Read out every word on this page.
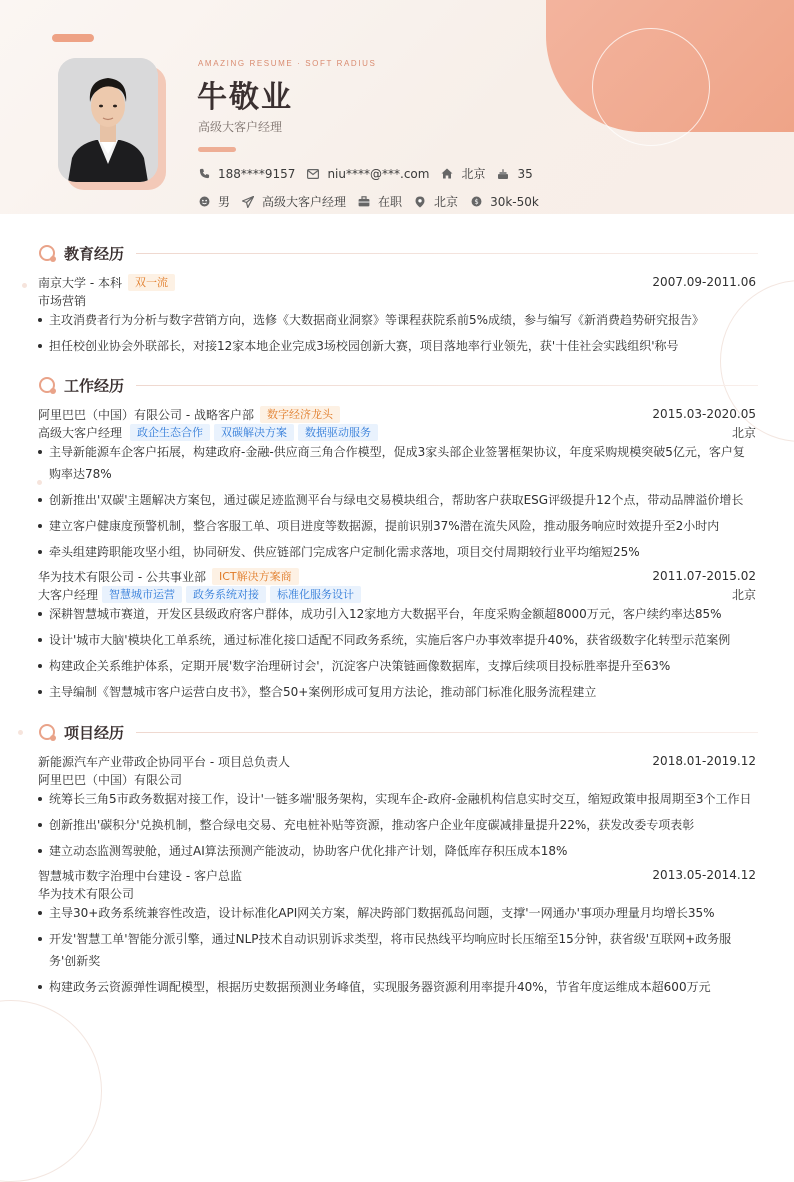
AMAZING RESUME · SOFT RADIUS
牛敬业
高级大客户经理
188****9157	niu****@***.com	北京	35
男	高级大客户经理	在职	北京 $ 30k-50k
教育经历
南京大学 - 本科	双一流	2007.09-2011.06
市场营销
主攻消费者行为分析与数字营销方向，选修《大数据商业洞察》等课程获院系前5%成绩，参与编写《新消费趋势研究报告》
担任校创业协会外联部长，对接12家本地企业完成3场校园创新大赛，项目落地率行业领先，获'十佳社会实践组织'称号
工作经历
阿里巴巴（中国）有限公司 - 战略客户部	数字经济龙头	2015.03-2020.05
高级大客户经理	政企生态合作	双碳解决方案	数据驱动服务	北京
主导新能源车企客户拓展，构建政府-金融-供应商三角合作模型，促成3家头部企业签署框架协议，年度采购规模突破5亿元，客户复购率达78%
创新推出'双碳'主题解决方案包，通过碳足迹监测平台与绿电交易模块组合，帮助客户获取ESG评级提升12个点，带动品牌溢价增长
建立客户健康度预警机制，整合客服工单、项目进度等数据源，提前识别37%潜在流失风险，推动服务响应时效提升至2小时内
牵头组建跨职能攻坚小组，协同研发、供应链部门完成客户定制化需求落地，项目交付周期较行业平均缩短25%
华为技术有限公司 - 公共事业部	ICT解决方案商	2011.07-2015.02
大客户经理	智慧城市运营	政务系统对接	标准化服务设计	北京
深耕智慧城市赛道，开发区县级政府客户群体，成功引入12家地方大数据平台，年度采购金额超8000万元，客户续约率达85%
设计'城市大脑'模块化工单系统，通过标准化接口适配不同政务系统，实施后客户办事效率提升40%，获省级数字化转型示范案例
构建政企关系维护体系，定期开展'数字治理研讨会'，沉淀客户决策链画像数据库，支撑后续项目投标胜率提升至63%
主导编制《智慧城市客户运营白皮书》，整合50+案例形成可复用方法论，推动部门标准化服务流程建立
项目经历
新能源汽车产业带政企协同平台 - 项目总负责人	2018.01-2019.12
阿里巴巴（中国）有限公司
统筹长三角5市政务数据对接工作，设计'一链多端'服务架构，实现车企-政府-金融机构信息实时交互，缩短政策申报周期至3个工作日
创新推出'碳积分'兑换机制，整合绿电交易、充电桩补贴等资源，推动客户企业年度碳减排量提升22%，获发改委专项表彰
建立动态监测驾驶舱，通过AI算法预测产能波动，协助客户优化排产计划，降低库存积压成本18%
智慧城市数字治理中台建设 - 客户总监	2013.05-2014.12
华为技术有限公司
主导30+政务系统兼容性改造，设计标准化API网关方案，解决跨部门数据孤岛问题，支撑'一网通办'事项办理量月均增长35%
开发'智慧工单'智能分派引擎，通过NLP技术自动识别诉求类型，将市民热线平均响应时长压缩至15分钟，获省级'互联网+政务服务'创新奖
构建政务云资源弹性调配模型，根据历史数据预测业务峰值，实现服务器资源利用率提升40%，节省年度运维成本超600万元
